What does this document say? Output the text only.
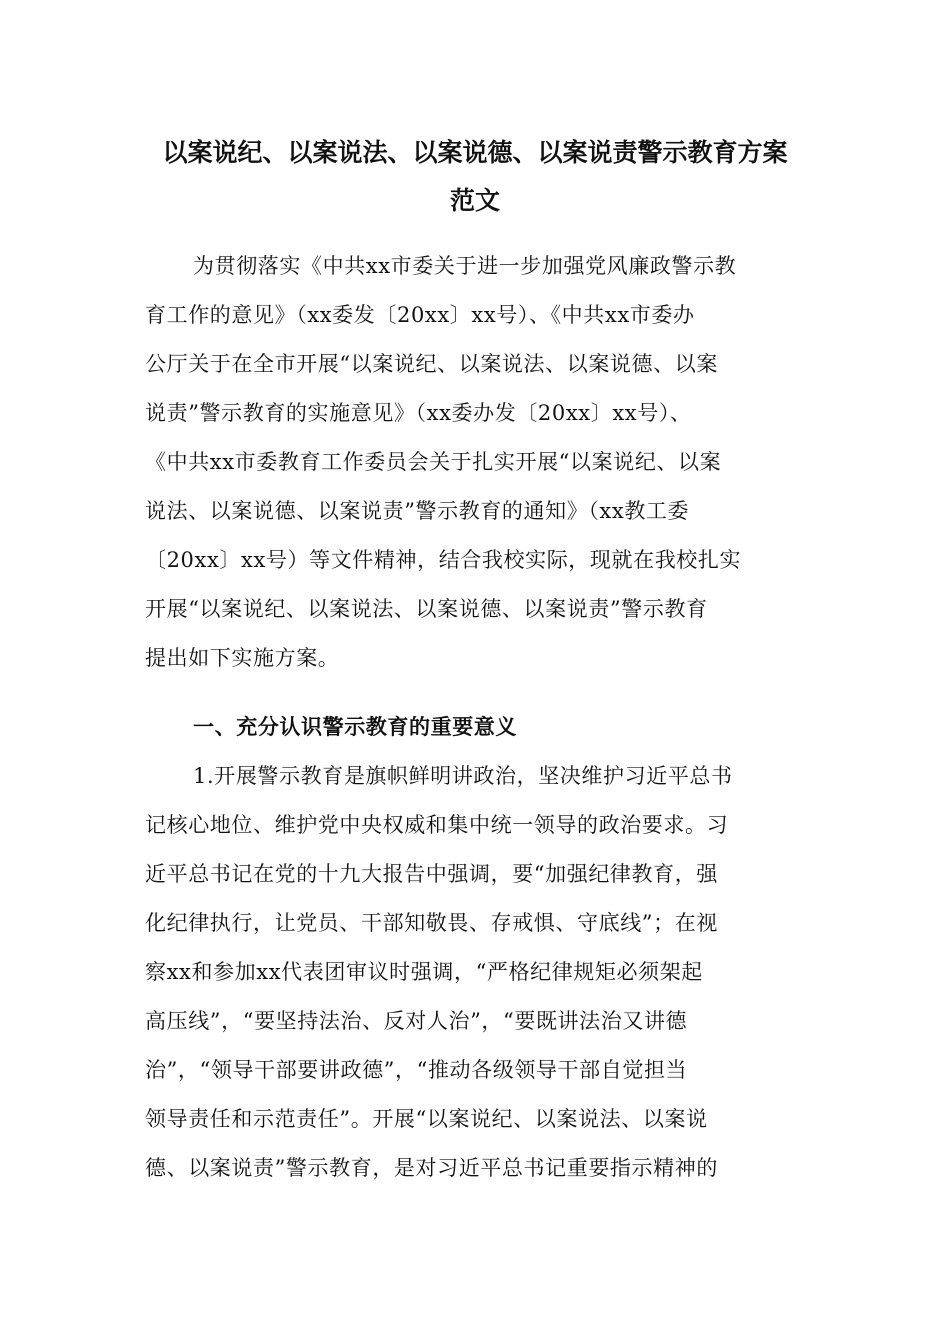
以案说纪、以案说法、以案说德、以案说责警示教育方案
范文
为贯彻落实《中共xx市委关于进一步加强党风廉政警示教
育工作的意见》（xx委发〔20xx〕xx号）、《中共xx市委办
公厅关于在全市开展“以案说纪、以案说法、以案说德、以案
说责”警示教育的实施意见》（xx委办发〔20xx〕xx号）、
《中共xx市委教育工作委员会关于扎实开展“以案说纪、以案
说法、以案说德、以案说责”警示教育的通知》（xx教工委
〔20xx〕xx号）等文件精神，结合我校实际，现就在我校扎实
开展“以案说纪、以案说法、以案说德、以案说责”警示教育
提出如下实施方案。
一、充分认识警示教育的重要意义
1.开展警示教育是旗帜鲜明讲政治，坚决维护习近平总书
记核心地位、维护党中央权威和集中统一领导的政治要求。习
近平总书记在党的十九大报告中强调，要“加强纪律教育，强
化纪律执行，让党员、干部知敬畏、存戒惧、守底线”；在视
察xx和参加xx代表团审议时强调，“严格纪律规矩必须架起
高压线”，“要坚持法治、反对人治”，“要既讲法治又讲德
治”，“领导干部要讲政德”，“推动各级领导干部自觉担当
领导责任和示范责任”。开展“以案说纪、以案说法、以案说
德、以案说责”警示教育，是对习近平总书记重要指示精神的
